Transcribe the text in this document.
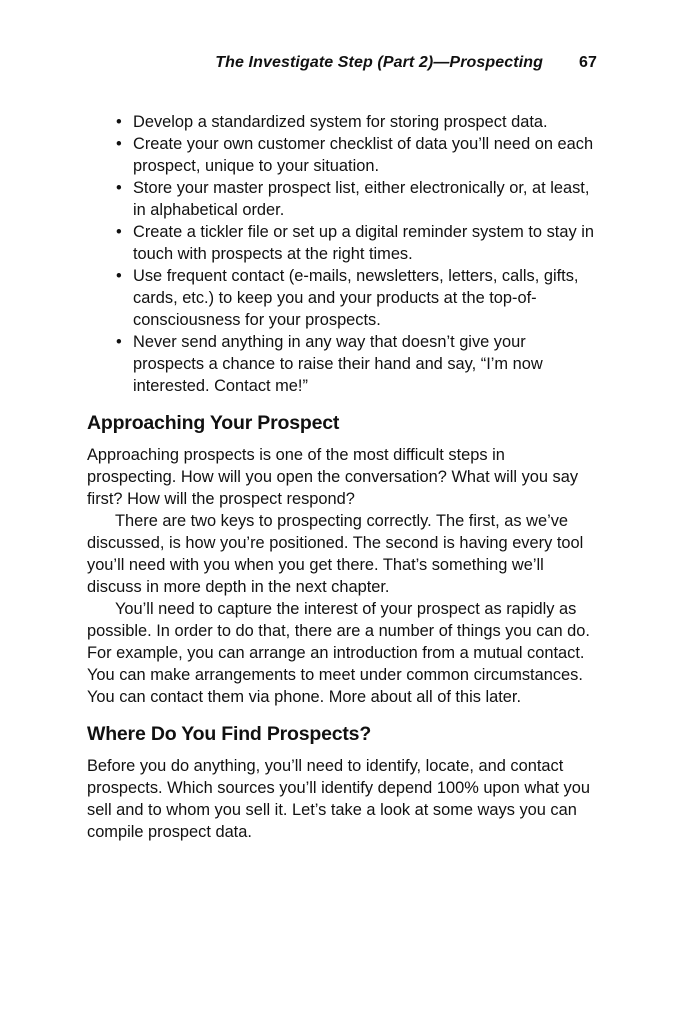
The Investigate Step (Part 2)—Prospecting 67
• Develop a standardized system for storing prospect data.
• Create your own customer checklist of data you’ll need on each prospect, unique to your situation.
• Store your master prospect list, either electronically or, at least, in alphabetical order.
• Create a tickler file or set up a digital reminder system to stay in touch with prospects at the right times.
• Use frequent contact (e-mails, newsletters, letters, calls, gifts, cards, etc.) to keep you and your products at the top-of-consciousness for your prospects.
• Never send anything in any way that doesn’t give your prospects a chance to raise their hand and say, “I’m now interested. Contact me!”
Approaching Your Prospect

Approaching prospects is one of the most difficult steps in prospecting. How will you open the conversation? What will you say first? How will the prospect respond?

There are two keys to prospecting correctly. The first, as we’ve discussed, is how you’re positioned. The second is having every tool you’ll need with you when you get there. That’s something we’ll discuss in more depth in the next chapter.

You’ll need to capture the interest of your prospect as rapidly as possible. In order to do that, there are a number of things you can do. For example, you can arrange an introduction from a mutual contact. You can make arrangements to meet under common circumstances. You can contact them via phone. More about all of this later.

Where Do You Find Prospects?

Before you do anything, you’ll need to identify, locate, and contact prospects. Which sources you’ll identify depend 100% upon what you sell and to whom you sell it. Let’s take a look at some ways you can compile prospect data.
